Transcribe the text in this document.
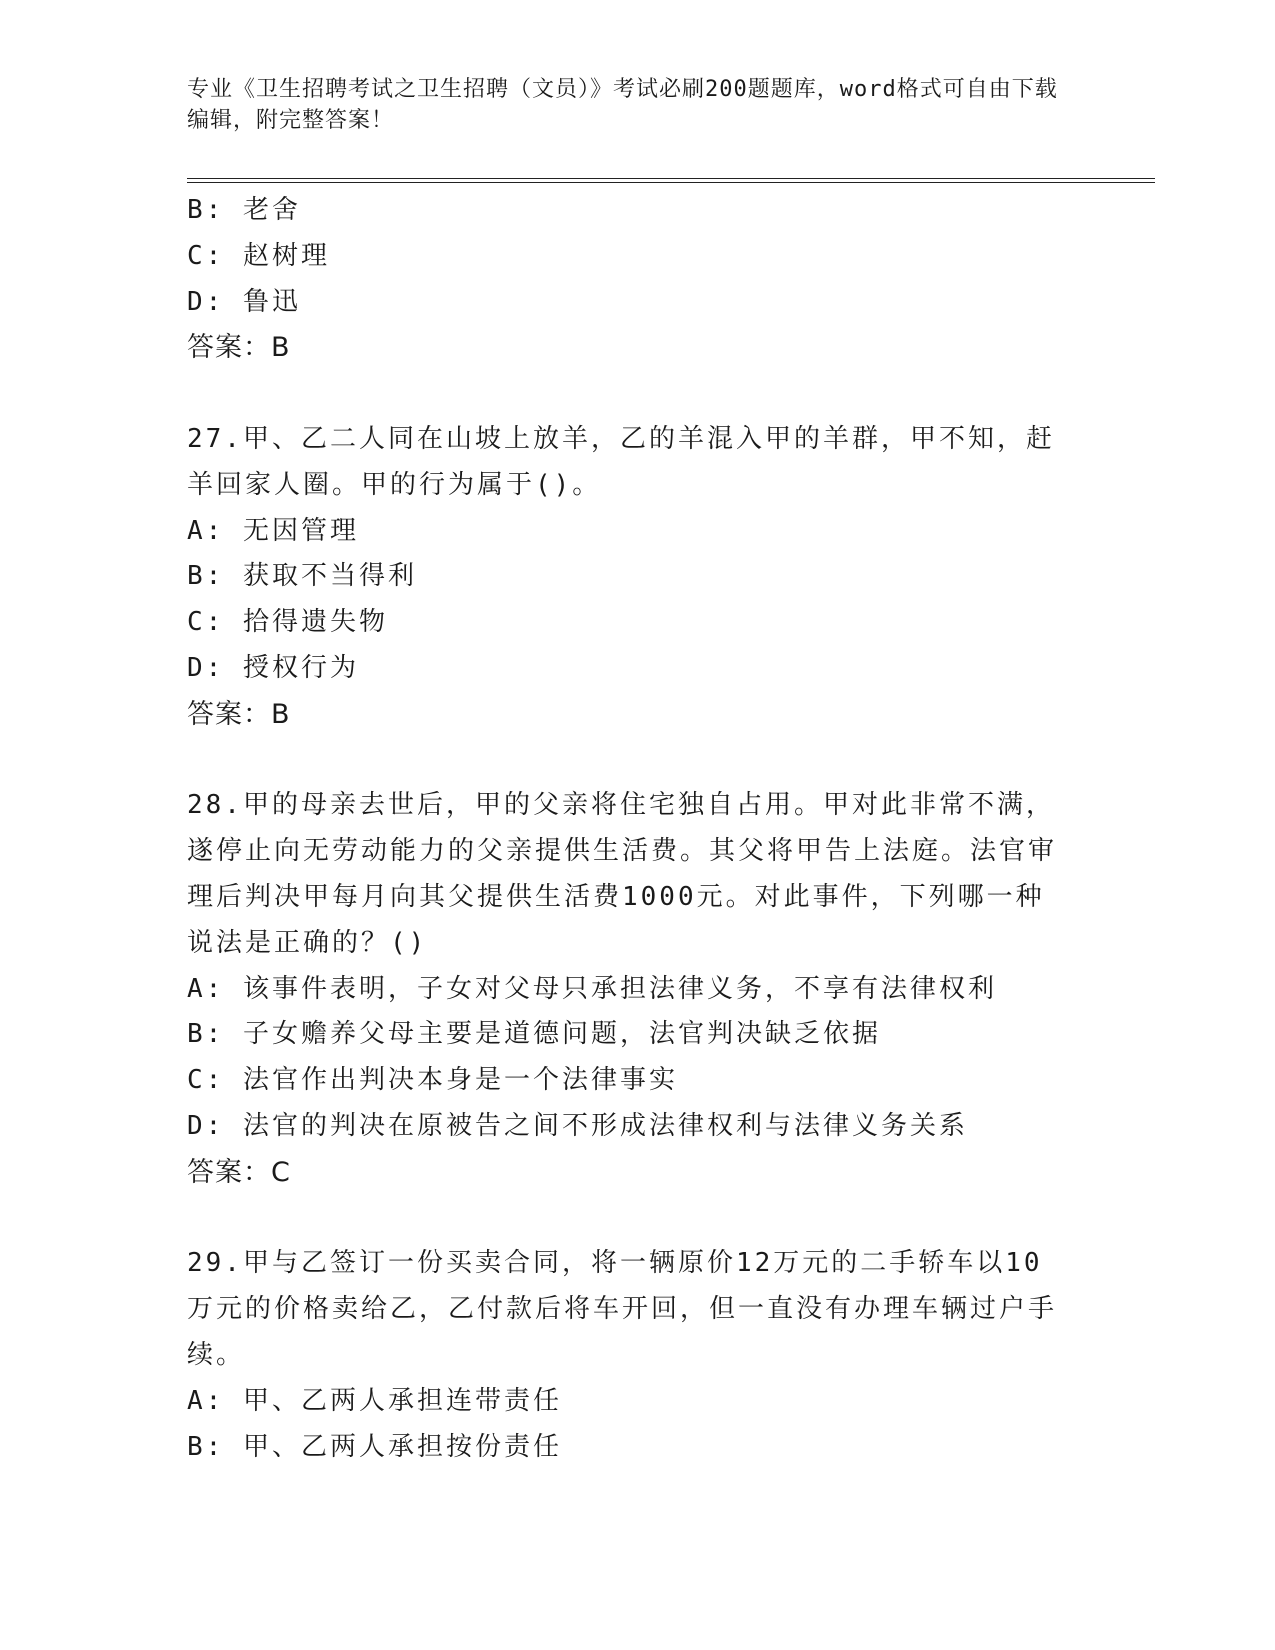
专业《卫生招聘考试之卫生招聘（文员）》考试必刷200题题库，word格式可自由下载编辑，附完整答案！
B: 老舍
C: 赵树理
D: 鲁迅
答案：B
27.甲、乙二人同在山坡上放羊，乙的羊混入甲的羊群，甲不知，赶羊回家人圈。甲的行为属于()。
A: 无因管理
B: 获取不当得利
C: 拾得遗失物
D: 授权行为
答案：B
28.甲的母亲去世后，甲的父亲将住宅独自占用。甲对此非常不满，遂停止向无劳动能力的父亲提供生活费。其父将甲告上法庭。法官审理后判决甲每月向其父提供生活费1000元。对此事件，下列哪一种说法是正确的？()
A: 该事件表明，子女对父母只承担法律义务，不享有法律权利
B: 子女赡养父母主要是道德问题，法官判决缺乏依据
C: 法官作出判决本身是一个法律事实
D: 法官的判决在原被告之间不形成法律权利与法律义务关系
答案：C
29.甲与乙签订一份买卖合同，将一辆原价12万元的二手轿车以10万元的价格卖给乙，乙付款后将车开回，但一直没有办理车辆过户手续。
A: 甲、乙两人承担连带责任
B: 甲、乙两人承担按份责任
